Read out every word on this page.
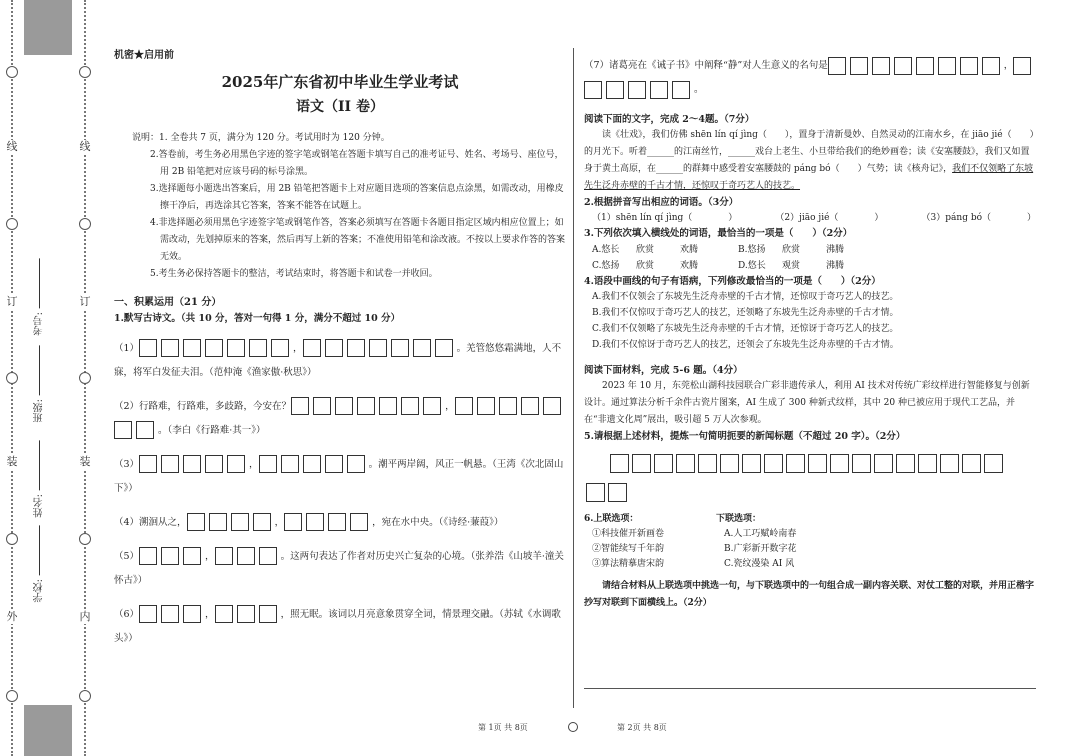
线
订
装
外
学校:
姓名:
班级:
考号:
线
订
装
内
机密★启用前
2025年广东省初中毕业生学业考试
语文（II 卷）
说明：1. 全卷共 7 页，满分为 120 分。考试用时为 120 分钟。
2.答卷前，考生务必用黑色字迹的签字笔或钢笔在答题卡填写自己的准考证号、姓名、考场号、座位号，用 2B 铅笔把对应该号码的标号涂黑。
3.选择题每小题选出答案后，用 2B 铅笔把答题卡上对应题目选项的答案信息点涂黑，如需改动，用橡皮擦干净后，再选涂其它答案，答案不能答在试题上。
4.非选择题必须用黑色字迹签字笔或钢笔作答，答案必须填写在答题卡各题目指定区域内相应位置上；如需改动，先划掉原来的答案，然后再写上新的答案；不准使用铅笔和涂改液。不按以上要求作答的答案无效。
5.考生务必保持答题卡的整洁，考试结束时，将答题卡和试卷一并收回。
一、积累运用（21 分）
1.默写古诗文。（共 10 分，答对一句得 1 分，满分不超过 10 分）
（1）	，	。羌管悠悠霜满地，人不寐，将军白发征夫泪。（范仲淹《渔家傲·秋思》）
（2）行路难，行路难，多歧路，今安在？	，。（李白《行路难·其一》）
（3）	，	。潮平两岸阔，风正一帆悬。（王湾《次北固山下》）
（4）溯洄从之，	，	，宛在水中央。（《诗经·蒹葭》）
（5）	，	。这两句表达了作者对历史兴亡复杂的心境。（张养浩《山坡羊·潼关怀古》）
（6）	，	，照无眠。该词以月亮意象贯穿全词，情景理交融。（苏轼《水调歌头》）
（7）诸葛亮在《诫子书》中阐释“静”对人生意义的名句是	，。
阅读下面的文字，完成 2～4题。（7分）
读《壮戏》，我们仿佛 shēn lín qí jìng（　　），置身于清新曼妙、自然灵动的江南水乡，在 jiāo jié（　　）的月光下。听着______的江南丝竹，______戏台上老生、小旦带给我们的绝妙画卷；读《安塞腰鼓》，我们又如置身于黄土高原，在______的群舞中感受着安塞腰鼓的 páng bó（　　）气势；读《核舟记》，我们不仅领略了东坡先生泛舟赤壁的千古才情，还惊叹于奇巧艺人的技艺。
2.根据拼音写出相应的词语。（3分）
（1）shēn lín qí jìng（　　　　）	（2）jiāo jié（　　　　）	（3）páng bó（　　　　）
3.下列依次填入横线处的词语，最恰当的一项是（　　）（2分）
A.悠长 欣赏	欢腾	B.悠扬 欣赏	沸腾
C.悠扬 欣赏	欢腾	D.悠长 观赏	沸腾
4.语段中画线的句子有语病，下列修改最恰当的一项是（　　）（2分）
A.我们不仅领会了东坡先生泛舟赤壁的千古才情，还惊叹于奇巧艺人的技艺。
B.我们不仅惊叹于奇巧艺人的技艺，还领略了东坡先生泛舟赤壁的千古才情。
C.我们不仅领略了东坡先生泛舟赤壁的千古才情，还惊讶于奇巧艺人的技艺。
D.我们不仅惊讶于奇巧艺人的技艺，还领会了东坡先生泛舟赤壁的千古才情。
阅读下面材料，完成 5-6 题。（4分）
2023 年 10 月，东莞松山湖科技园联合广彩非遗传承人，利用 AI 技术对传统广彩纹样进行智能修复与创新设计。通过算法分析千余件古瓷片图案，AI 生成了 300 种新式纹样，其中 20 种已被应用于现代工艺品，并在“非遗文化周”展出，吸引超 5 万人次参观。
5.请根据上述材料，提炼一句简明扼要的新闻标题（不超过 20 字）。（2分）
6.上联选项：
①科技催开新画卷
②智能续写千年韵
③算法精摹唐宋韵
下联选项：
A.人工巧赋岭南春
B.广彩新开数字花
C.瓷纹漫染 AI 风
请结合材料从上联选项中挑选一句，与下联选项中的一句组合成一副内容关联、对仗工整的对联，并用正楷字抄写对联到下面横线上。（2分）
第 1页 共 8页	第 2页 共 8页
